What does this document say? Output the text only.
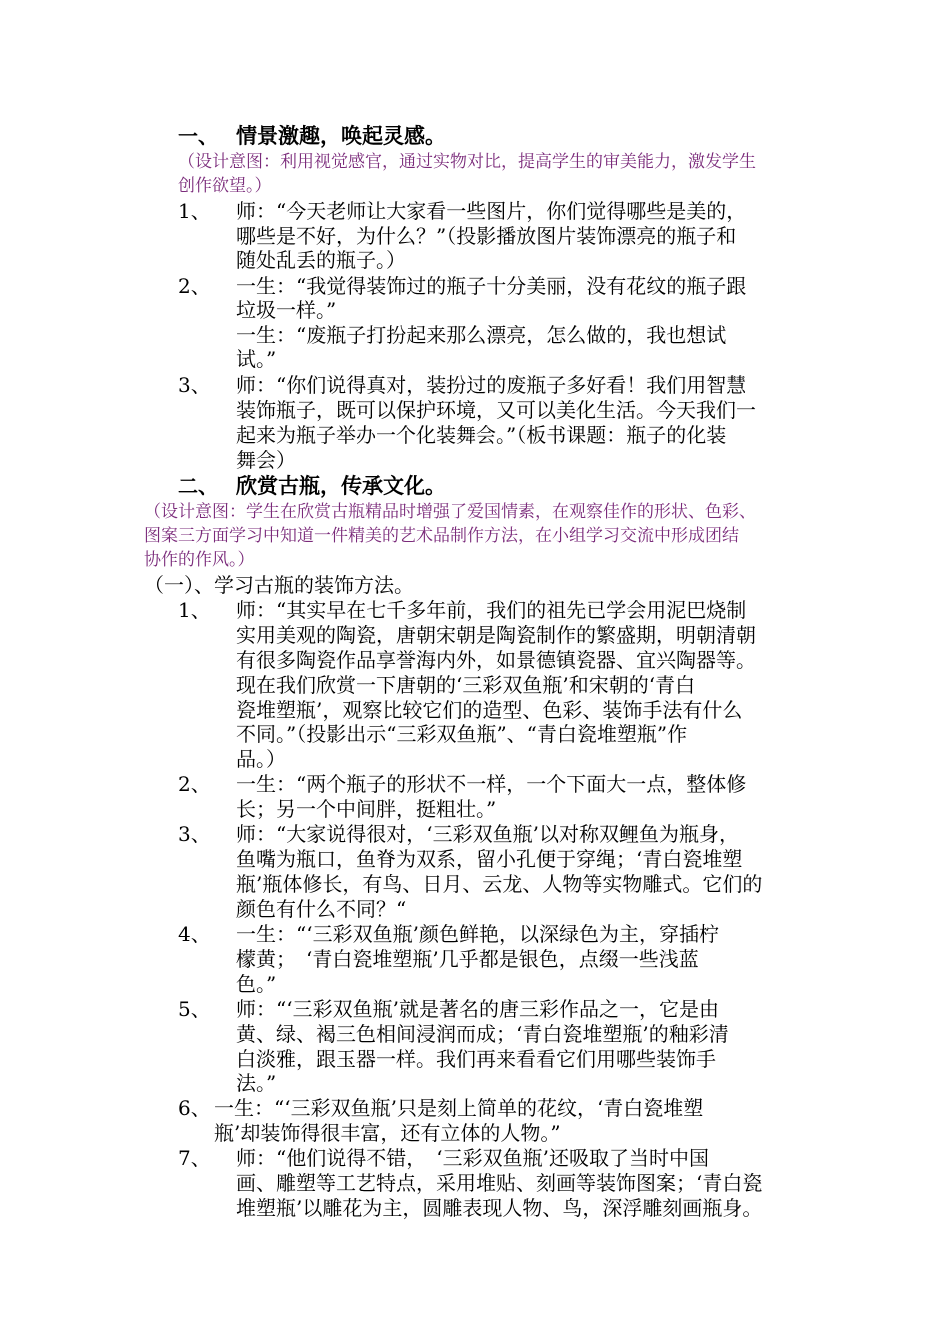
一、 情景激趣，唤起灵感。
（设计意图：利用视觉感官，通过实物对比，提高学生的审美能力，激发学生
创作欲望。）
1、 师：“今天老师让大家看一些图片，你们觉得哪些是美的，
哪些是不好，为什么？”（投影播放图片装饰漂亮的瓶子和
随处乱丢的瓶子。）
2、 一生：“我觉得装饰过的瓶子十分美丽，没有花纹的瓶子跟
垃圾一样。”
一生：“废瓶子打扮起来那么漂亮，怎么做的，我也想试
试。”
3、 师：“你们说得真对，装扮过的废瓶子多好看！我们用智慧
装饰瓶子，既可以保护环境，又可以美化生活。今天我们一
起来为瓶子举办一个化装舞会。”（板书课题：瓶子的化装
舞会）
二、 欣赏古瓶，传承文化。
（设计意图：学生在欣赏古瓶精品时增强了爱国情素，在观察佳作的形状、色彩、
图案三方面学习中知道一件精美的艺术品制作方法，在小组学习交流中形成团结
协作的作风。）
（一）、学习古瓶的装饰方法。
1、 师：“其实早在七千多年前，我们的祖先已学会用泥巴烧制
实用美观的陶瓷，唐朝宋朝是陶瓷制作的繁盛期，明朝清朝
有很多陶瓷作品享誉海内外，如景德镇瓷器、宜兴陶器等。
现在我们欣赏一下唐朝的‘三彩双鱼瓶’和宋朝的‘青白
瓷堆塑瓶’，观察比较它们的造型、色彩、装饰手法有什么
不同。”（投影出示“三彩双鱼瓶”、“青白瓷堆塑瓶”作
品。）
2、 一生：“两个瓶子的形状不一样，一个下面大一点，整体修
长；另一个中间胖，挺粗壮。”
3、 师：“大家说得很对，‘三彩双鱼瓶’以对称双鲤鱼为瓶身，
鱼嘴为瓶口，鱼脊为双系，留小孔便于穿绳；‘青白瓷堆塑
瓶’瓶体修长，有鸟、日月、云龙、人物等实物雕式。它们的
颜色有什么不同？“
4、 一生：“‘三彩双鱼瓶’颜色鲜艳，以深绿色为主，穿插柠
檬黄；　‘青白瓷堆塑瓶’几乎都是银色，点缀一些浅蓝
色。”
5、 师：“‘三彩双鱼瓶’就是著名的唐三彩作品之一，它是由
黄、绿、褐三色相间浸润而成；‘青白瓷堆塑瓶’的釉彩清
白淡雅，跟玉器一样。我们再来看看它们用哪些装饰手
法。”
6、 一生：“‘三彩双鱼瓶’只是刻上简单的花纹，‘青白瓷堆塑
瓶’却装饰得很丰富，还有立体的人物。”
7、 师：“他们说得不错，　‘三彩双鱼瓶’还吸取了当时中国
画、雕塑等工艺特点，采用堆贴、刻画等装饰图案；‘青白瓷
堆塑瓶’以雕花为主，圆雕表现人物、鸟，深浮雕刻画瓶身。
